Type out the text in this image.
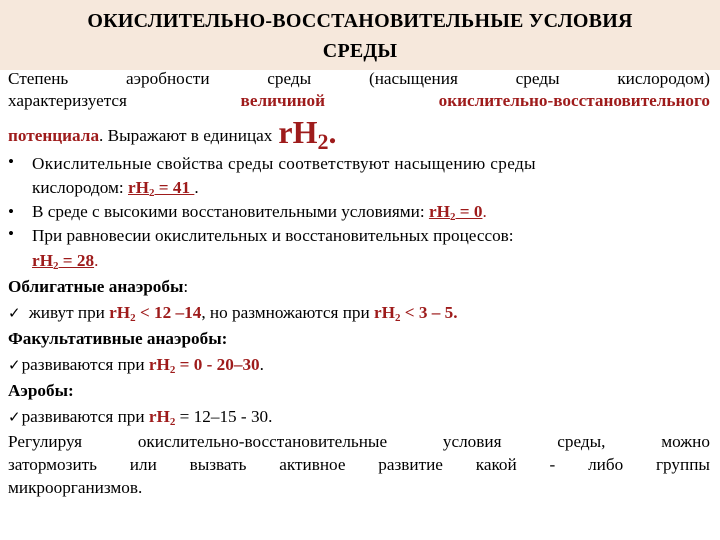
ОКИСЛИТЕЛЬНО-ВОССТАНОВИТЕЛЬНЫЕ УСЛОВИЯ
СРЕДЫ
Степень	аэробности	среды	(насыщения	среды	кислородом)
характеризуется	величиной	окислительно-восстановительного
потенциала. Выражают в единицах rH2.
• Окислительные свойства среды соответствуют насыщению среды
кислородом: $rH_2 = 41$ .
• В среде с высокими восстановительными условиями: $rH_2 = 0$.
• При равновесии окислительных и восстановительных процессов:
$rH_2 = 28$.
Облигатные анаэробы:
✓ живут при $rH_2 < 12$ –14, но размножаются при $rH_2 < 3 - 5$.
Факультативные анаэробы:
✓развиваются при $rH_2 = 0 - 20-30$.
Аэробы:
✓развиваются при $rH_2 = 12-15 - 30$.
Регулируя	окислительно-восстановительные	условия	среды,	можно
затормозить или вызвать активное развитие какой - либо группы
микроорганизмов.
